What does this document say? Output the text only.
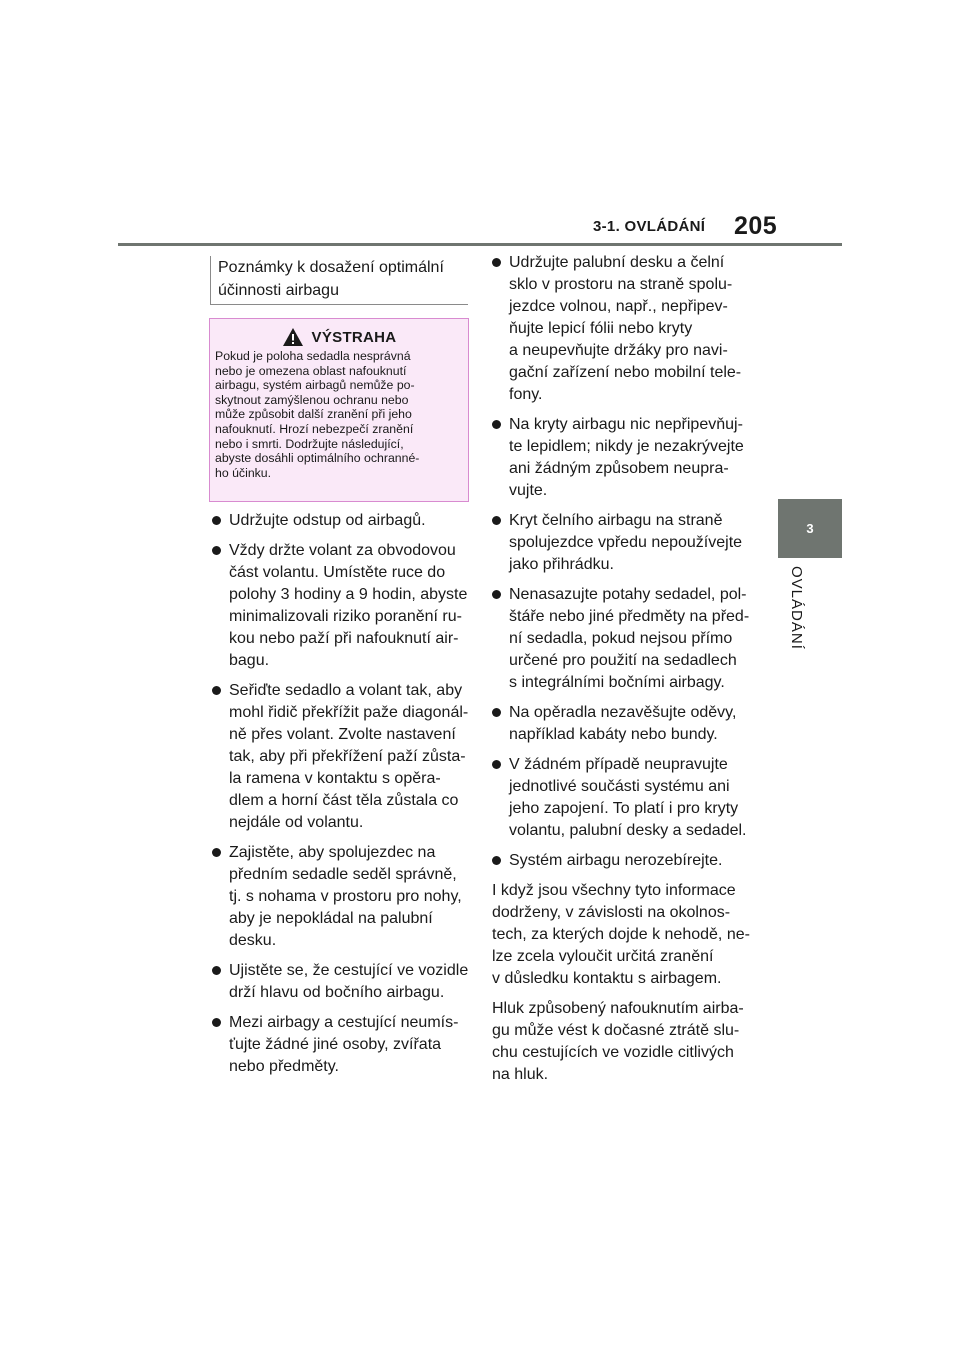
3-1. OVLÁDÁNÍ 205
3
OVLÁDÁNÍ
Poznámky k dosažení optimální
účinnosti airbagu
VÝSTRAHA
Pokud je poloha sedadla nesprávná
nebo je omezena oblast nafouknutí
airbagu, systém airbagů nemůže po-
skytnout zamýšlenou ochranu nebo
může způsobit další zranění při jeho
nafouknutí. Hrozí nebezpečí zranění
nebo i smrti. Dodržujte následující,
abyste dosáhli optimálního ochranné-
ho účinku.
Udržujte odstup od airbagů.
Vždy držte volant za obvodovou
část volantu. Umístěte ruce do
polohy 3 hodiny a 9 hodin, abyste
minimalizovali riziko poranění ru-
kou nebo paží při nafouknutí air-
bagu.
Seřiďte sedadlo a volant tak, aby
mohl řidič překřížit paže diagonál-
ně přes volant. Zvolte nastavení
tak, aby při překřížení paží zůsta-
la ramena v kontaktu s opěra-
dlem a horní část těla zůstala co
nejdále od volantu.
Zajistěte, aby spolujezdec na
předním sedadle seděl správně,
tj. s nohama v prostoru pro nohy,
aby je nepokládal na palubní
desku.
Ujistěte se, že cestující ve vozidle
drží hlavu od bočního airbagu.
Mezi airbagy a cestující neumís-
ťujte žádné jiné osoby, zvířata
nebo předměty.
Udržujte palubní desku a čelní
sklo v prostoru na straně spolu-
jezdce volnou, např., nepřipev-
ňujte lepicí fólii nebo kryty
a neupevňujte držáky pro navi-
gační zařízení nebo mobilní tele-
fony.
Na kryty airbagu nic nepřipevňuj-
te lepidlem; nikdy je nezakrývejte
ani žádným způsobem neupra-
vujte.
Kryt čelního airbagu na straně
spolujezdce vpředu nepoužívejte
jako přihrádku.
Nenasazujte potahy sedadel, pol-
štáře nebo jiné předměty na před-
ní sedadla, pokud nejsou přímo
určené pro použití na sedadlech
s integrálními bočními airbagy.
Na opěradla nezavěšujte oděvy,
například kabáty nebo bundy.
V žádném případě neupravujte
jednotlivé součásti systému ani
jeho zapojení. To platí i pro kryty
volantu, palubní desky a sedadel.
Systém airbagu nerozebírejte.
I když jsou všechny tyto informace
dodrženy, v závislosti na okolnos-
tech, za kterých dojde k nehodě, ne-
lze zcela vyloučit určitá zranění
v důsledku kontaktu s airbagem.
Hluk způsobený nafouknutím airba-
gu může vést k dočasné ztrátě slu-
chu cestujících ve vozidle citlivých
na hluk.
